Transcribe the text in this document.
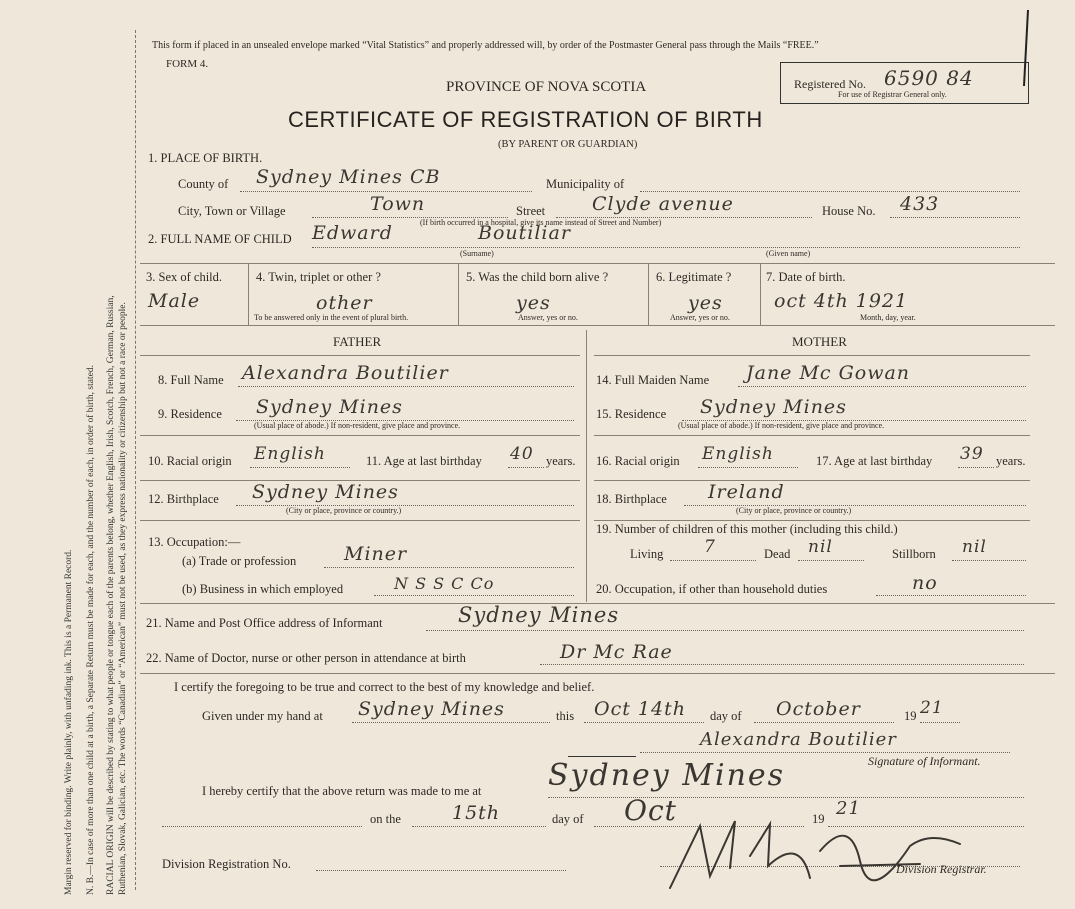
Margin reserved for binding. Write plainly, with unfading ink. This is a Permanent Record. N. B.—In case of more than one child at a birth, a Separate Return must be made for each, and the number of each, in order of birth, stated. RACIAL ORIGIN will be described by stating to what people or tongue each of the parents belong, whether English, Irish, Scotch, French, German, Russian, Ruthenian, Slovak, Galician, etc. The words “Canadian” or “American” must not be used, as they express nationality or citizenship but not a race or people.
This form if placed in an unsealed envelope marked “Vital Statistics” and properly addressed will, by order of the Postmaster General pass through the Mails “FREE.”
FORM 4.
PROVINCE OF NOVA SCOTIA
CERTIFICATE OF REGISTRATION OF BIRTH
(BY PARENT OR GUARDIAN)
Registered No. 6590 84
For use of Registrar General only.
1. PLACE OF BIRTH.
County of Sydney Mines CB	Municipality of
City, Town or Village	Town	Street Clyde avenue	House No. 433
(If birth occurred in a hospital, give its name instead of Street and Number)
2. FULL NAME OF CHILD Edward	Boutiliar
(Surname)	(Given name)
3. Sex of child.
Male
4. Twin, triplet or other ?
other
To be answered only in the event of plural birth.
5. Was the child born alive ?
yes
Answer, yes or no.
6. Legitimate ?
yes
Answer, yes or no.
7. Date of birth.
oct 4th 1921
Month, day, year.
FATHER	MOTHER
8. Full Name Alexandra Boutilier
9. Residence Sydney Mines
(Usual place of abode.) If non-resident, give place and province.
10. Racial origin English	11. Age at last birthday 40 years.
12. Birthplace Sydney Mines
(City or place, province or country.)
13. Occupation:—
(a) Trade or profession	Miner
(b) Business in which employed	N S S C Co
14. Full Maiden Name Jane Mc Gowan
15. Residence Sydney Mines
(Usual place of abode.) If non-resident, give place and province.
16. Racial origin English	17. Age at last birthday 39 years.
18. Birthplace Ireland
(City or place, province or country.)
19. Number of children of this mother (including this child.)
Living 7	Dead nil	Stillborn nil
20. Occupation, if other than household duties	no
21. Name and Post Office address of Informant	Sydney Mines
22. Name of Doctor, nurse or other person in attendance at birth	Dr Mc Rae
I certify the foregoing to be true and correct to the best of my knowledge and belief.
Given under my hand at Sydney Mines	this Oct 14th day of October	19 21
Alexandra Boutilier
Signature of Informant.
I hereby certify that the above return was made to me at Sydney Mines
on the	15th	day of Oct	19 21
Division Registration No.	Division Registrar.
